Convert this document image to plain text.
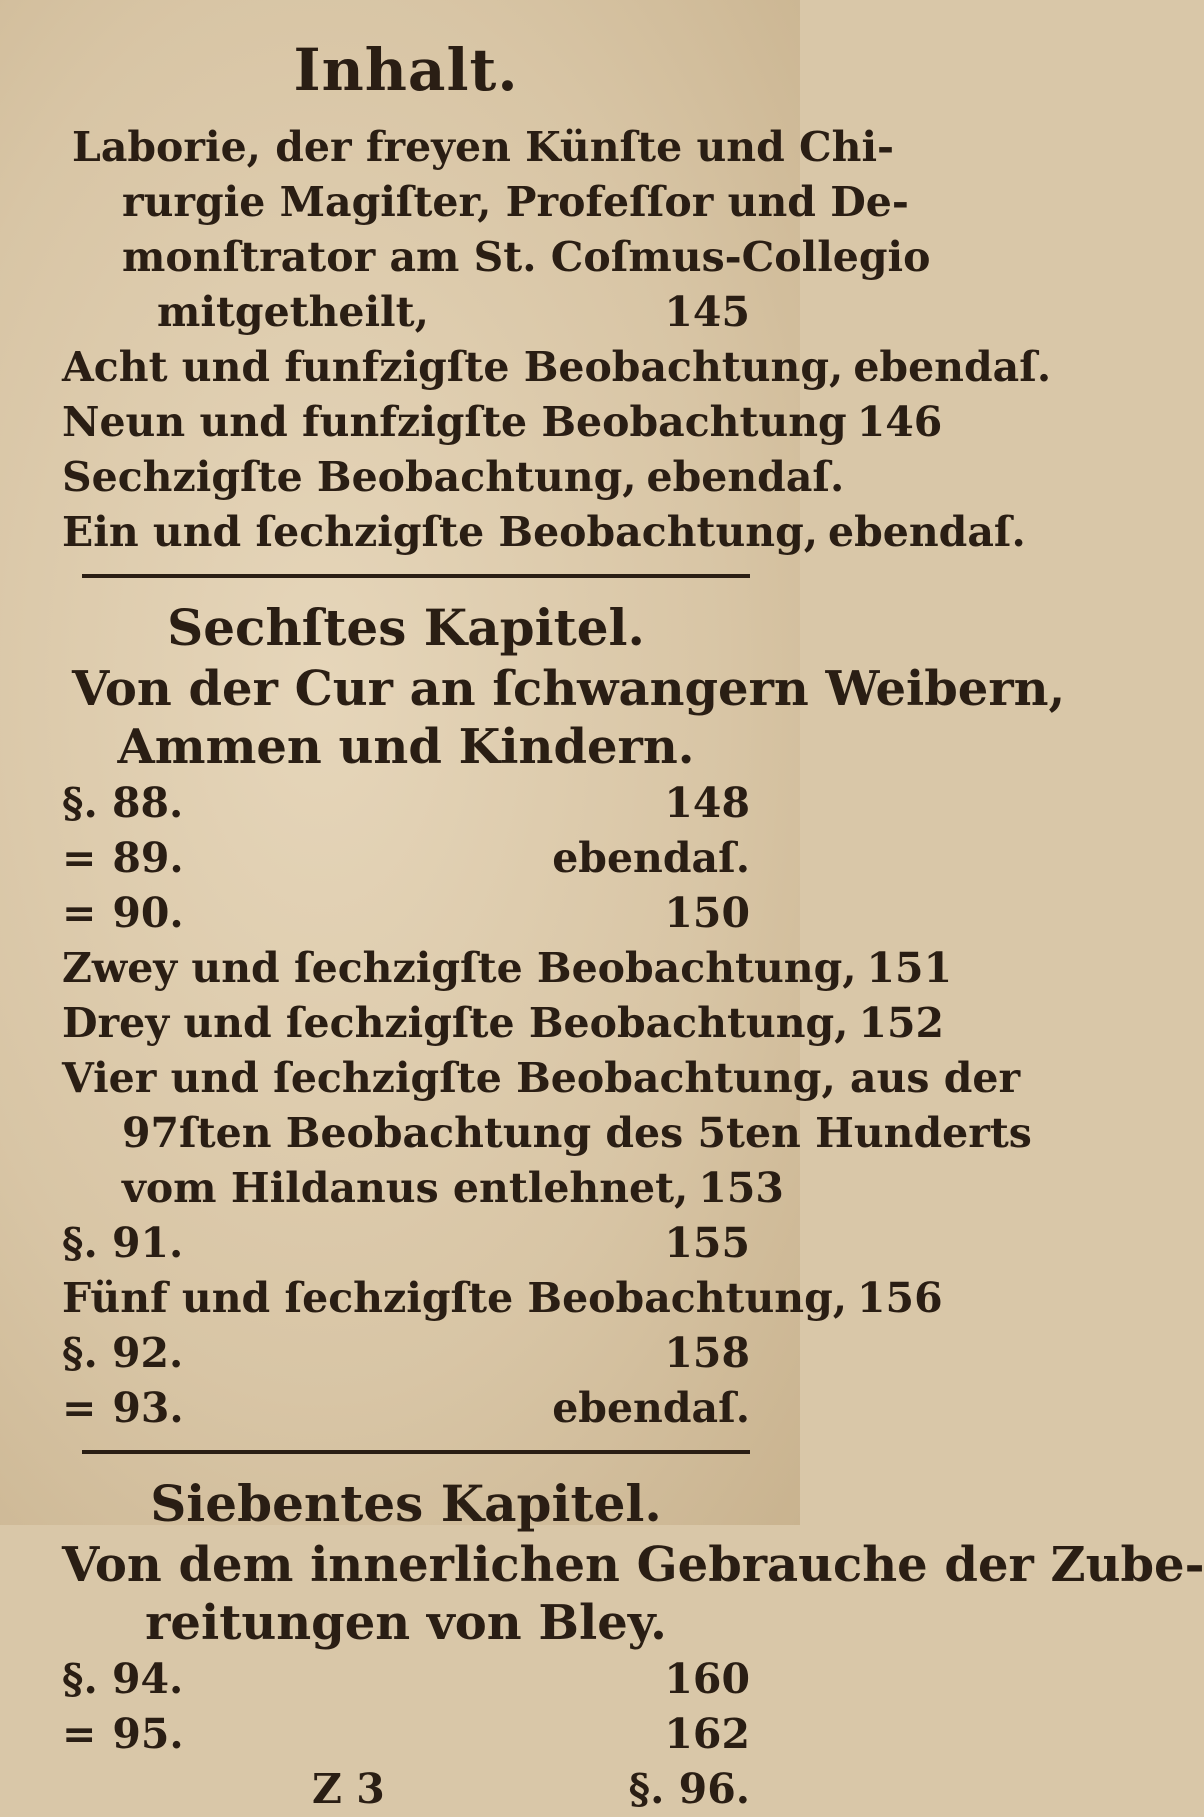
Inhalt.
Laborie, der freyen Künſte und Chi-
rurgie Magiſter, Profeſſor und De-
monſtrator am St. Coſmus-Collegio
mitgetheilt,	145
Acht und funfzigſte Beobachtung, ebendaſ.
Neun und funfzigſte Beobachtung 146
Sechzigſte Beobachtung, ebendaſ.
Ein und ſechzigſte Beobachtung, ebendaſ.
Sechſtes Kapitel.
Von der Cur an ſchwangern Weibern,
Ammen und Kindern.
§. 88.	148
= 89.	ebendaſ.
= 90.	150
Zwey und ſechzigſte Beobachtung, 151
Drey und ſechzigſte Beobachtung, 152
Vier und ſechzigſte Beobachtung, aus der
97ſten Beobachtung des 5ten Hunderts
vom Hildanus entlehnet, 153
§. 91.	155
Fünf und ſechzigſte Beobachtung, 156
§. 92.	158
= 93.	ebendaſ.
Siebentes Kapitel.
Von dem innerlichen Gebrauche der Zube-
reitungen von Bley.
§. 94.	160
= 95.	162
Z 3	§. 96.
